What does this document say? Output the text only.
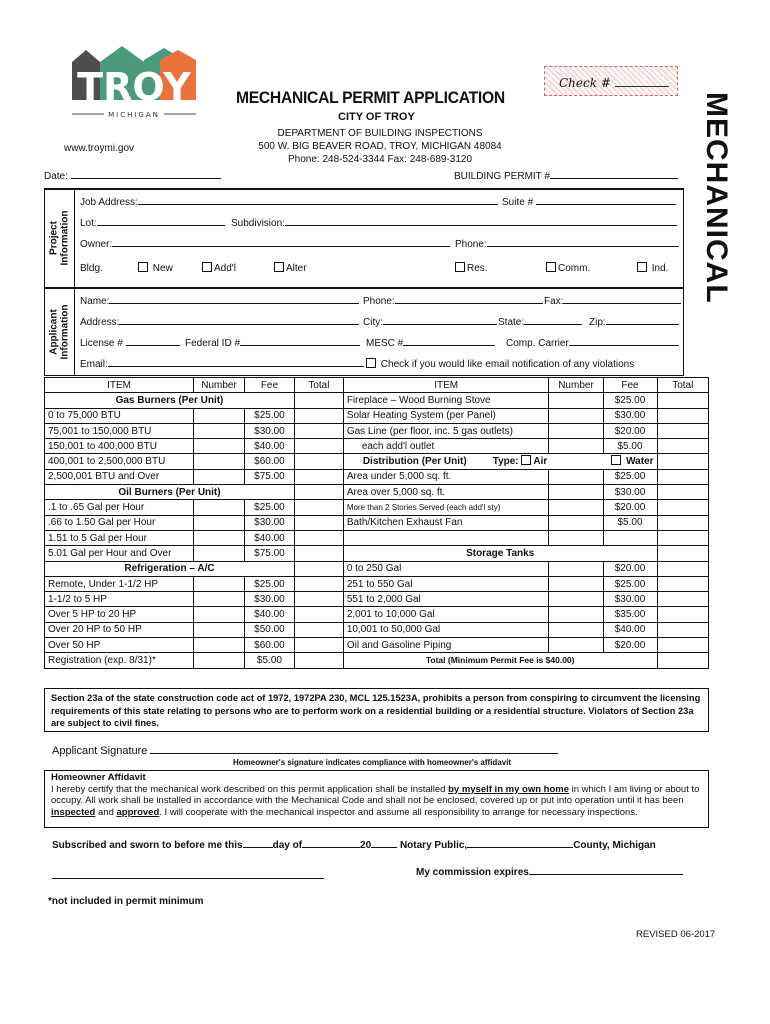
TROY
MICHIGAN
MECHANICAL PERMIT APPLICATION
CITY OF TROY
DEPARTMENT OF BUILDING INSPECTIONS
500 W. BIG BEAVER ROAD, TROY, MICHIGAN 48084
Phone: 248-524-3344 Fax: 248-689-3120
Check #
MECHANICAL
www.troymi.gov
Date:	BUILDING PERMIT #
Project Information
Job Address:	Suite #
Lot:	Subdivision:
Owner:	Phone:
Bldg.	New	Add'l	Alter	Res.	Comm.	Ind.
Applicant Information
Name:	Phone:	Fax:
Address:	City:	State:	Zip:
License #	Federal ID #	MESC #	Comp. Carrier
Email:	Check if you would like email notification of any violations
ITEM	Number	Fee	Total	ITEM	Number	Fee	Total
Gas Burners (Per Unit)				Fireplace – Wood Burning Stove		$25.00	
0 to 75,000 BTU		$25.00		Solar Heating System (per Panel)		$30.00	
75,001 to 150,000 BTU		$30.00		Gas Line (per floor, inc. 5 gas outlets)		$20.00	
150,001 to 400,000 BTU		$40.00		each add'l outlet		$5.00	
400,001 to 2,500,000 BTU		$60.00		Distribution (Per Unit) Type: Air Water			
2,500,001 BTU and Over		$75.00		Area under 5,000 sq. ft.		$25.00	
Oil Burners (Per Unit)				Area over 5,000 sq. ft.		$30.00	
.1 to .65 Gal per Hour		$25.00		More than 2 Stories Served (each add'l sty)		$20.00	
.66 to 1.50 Gal per Hour		$30.00		Bath/Kitchen Exhaust Fan		$5.00	
1.51 to 5 Gal per Hour		$40.00					
5.01 Gal per Hour and Over		$75.00		Storage Tanks			
Refrigeration – A/C				0 to 250 Gal		$20.00	
Remote, Under 1-1/2 HP		$25.00		251 to 550 Gal		$25.00	
1-1/2 to 5 HP		$30.00		551 to 2,000 Gal		$30.00	
Over 5 HP to 20 HP		$40.00		2,001 to 10,000 Gal		$35.00	
Over 20 HP to 50 HP		$50.00		10,001 to 50,000 Gal		$40.00	
Over 50 HP		$60.00		Oil and Gasoline Piping		$20.00	
Registration (exp. 8/31)*		$5.00		Total (Minimum Permit Fee is $40.00)			
Section 23a of the state construction code act of 1972, 1972PA 230, MCL 125.1523A, prohibits a person from conspiring to circumvent the licensing requirements of this state relating to persons who are to perform work on a residential building or a residential structure. Violators of Section 23a are subject to civil fines.
Applicant Signature
Homeowner's signature indicates compliance with homeowner's affidavit
Homeowner Affidavit
I hereby certify that the mechanical work described on this permit application shall be installed by myself in my own home in which I am living or about to occupy. All work shall be installed in accordance with the Mechanical Code and shall not be enclosed, covered up or put into operation until it has been inspected and approved. I will cooperate with the mechanical inspector and assume all responsibility to arrange for necessary inspections.
Subscribed and sworn to before me this	day of	20	Notary Public,	County, Michigan
My commission expires
*not included in permit minimum
REVISED 06-2017
